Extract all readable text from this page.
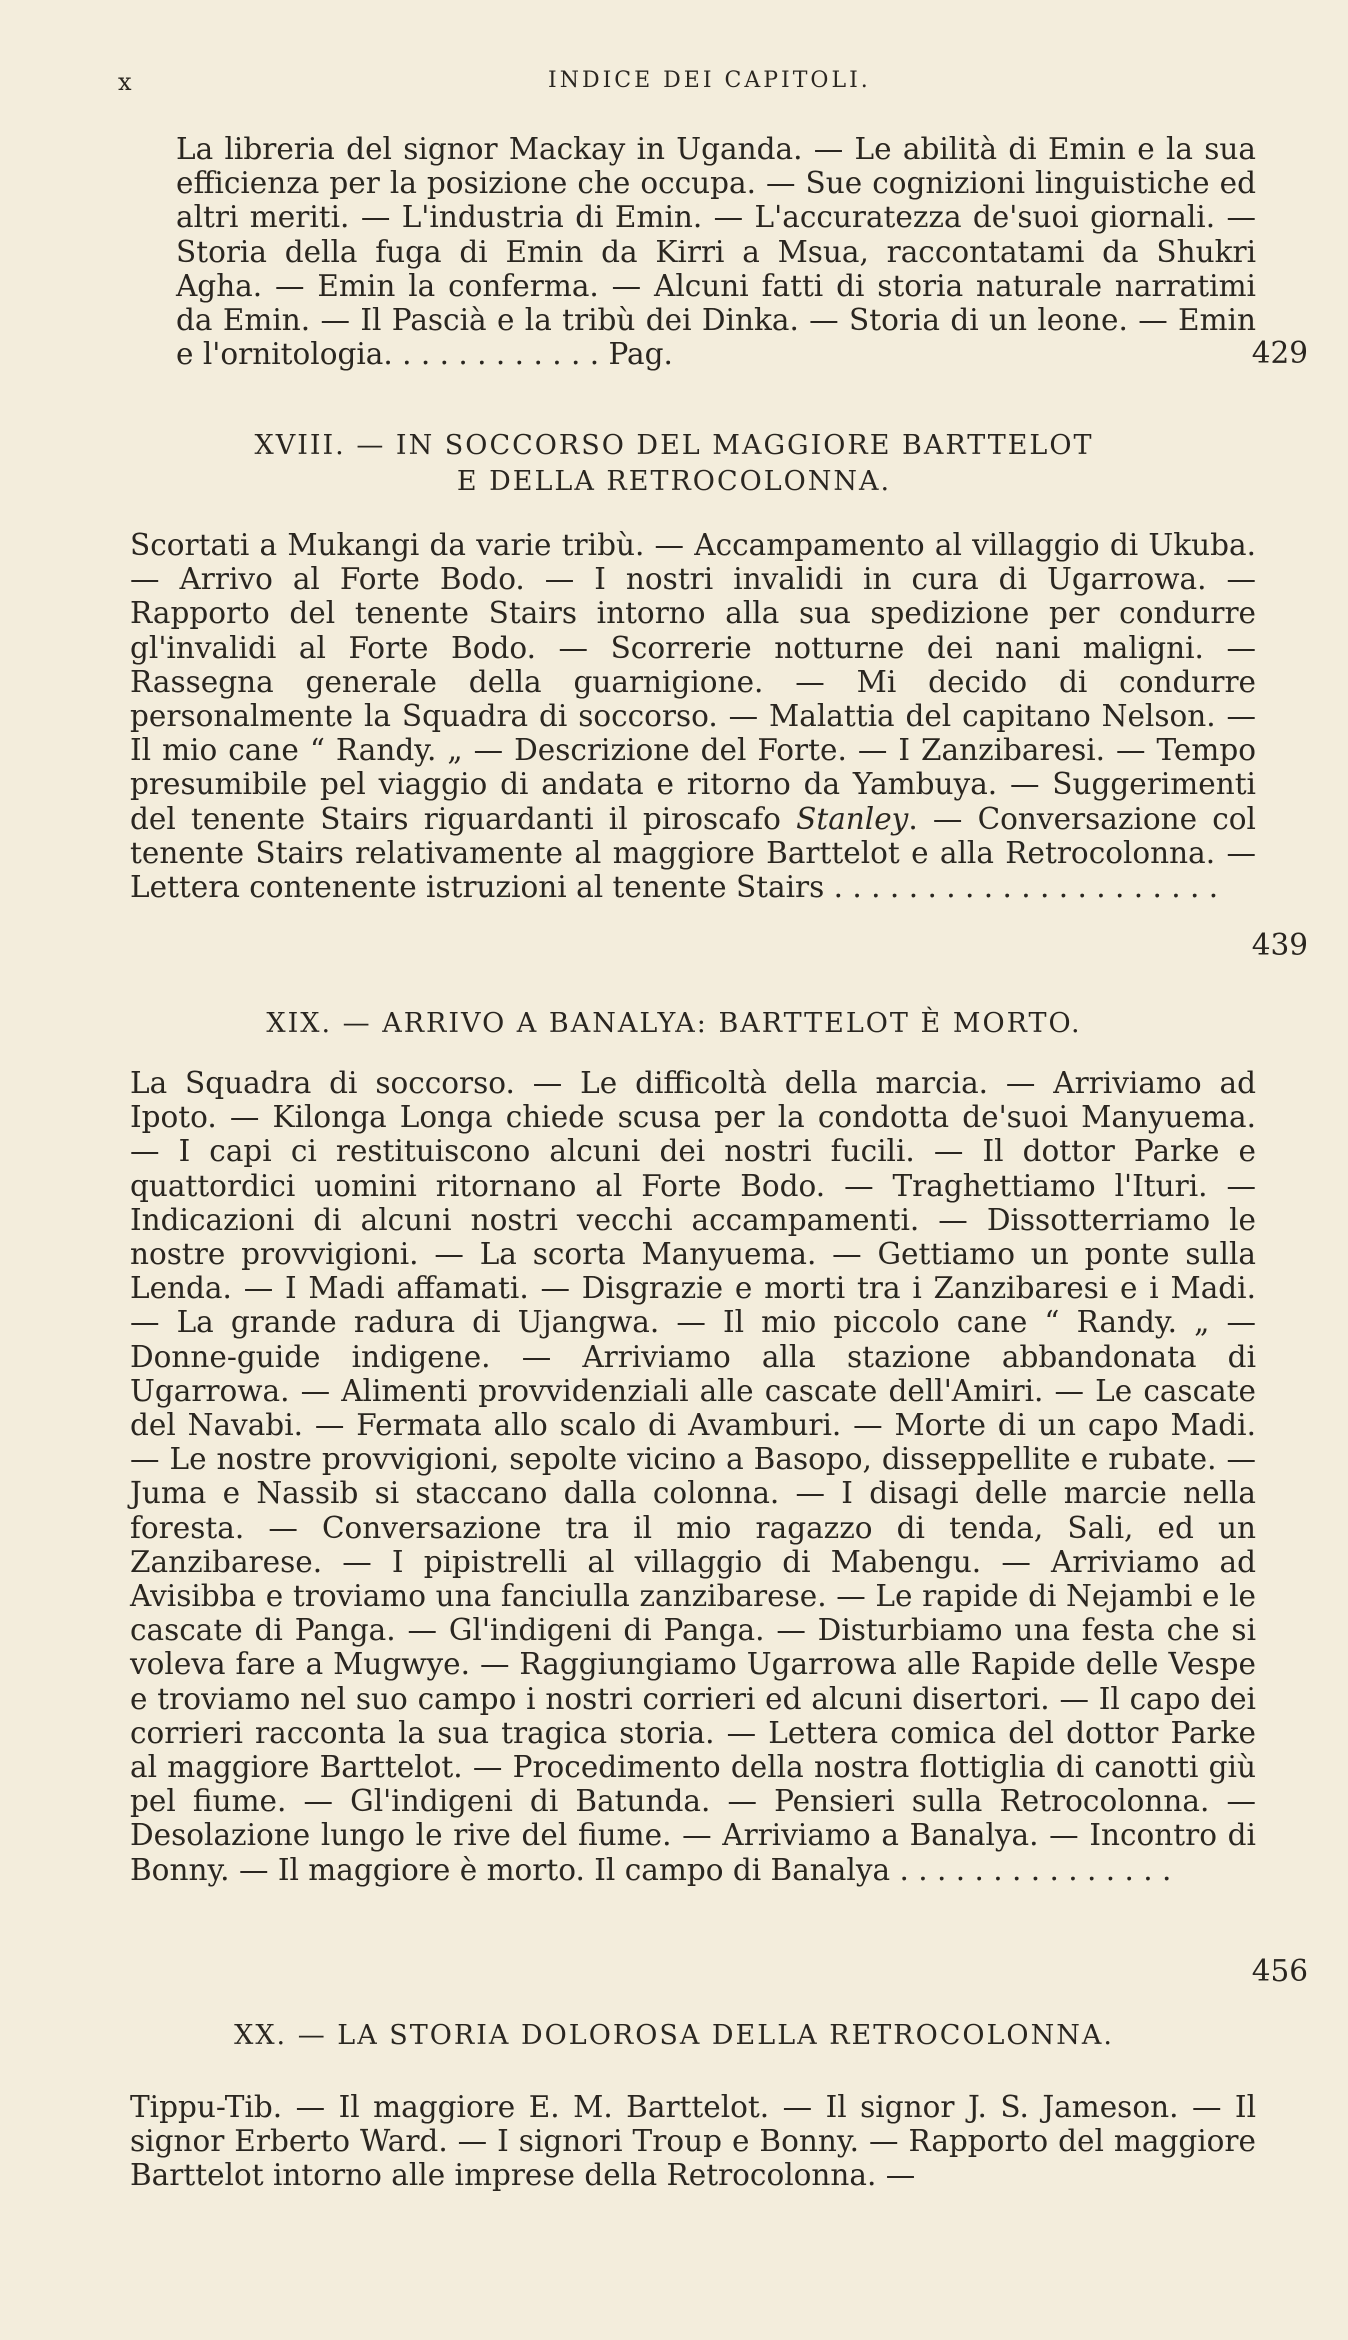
x	INDICE DEI CAPITOLI.

La libreria del signor Mackay in Uganda. — Le abilità di Emin e la sua efficienza per la posizione che occupa. — Sue cognizioni linguistiche ed altri meriti. — L'industria di Emin. — L'accuratezza de'suoi giornali. — Storia della fuga di Emin da Kirri a Msua, raccontatami da Shukri Agha. — Emin la conferma. — Alcuni fatti di storia naturale narratimi da Emin. — Il Pascià e la tribù dei Dinka. — Storia di un leone. — Emin e l'ornitologia. . . . . . . . . . . . Pag.	429

XVIII. — IN SOCCORSO DEL MAGGIORE BARTTELOT

E DELLA RETROCOLONNA.

Scortati a Mukangi da varie tribù. — Accampamento al villaggio di Ukuba. — Arrivo al Forte Bodo. — I nostri invalidi in cura di Ugarrowa. — Rapporto del tenente Stairs intorno alla sua spedizione per condurre gl'invalidi al Forte Bodo. — Scorrerie notturne dei nani maligni. — Rassegna generale della guarnigione. — Mi decido di condurre personalmente la Squadra di soccorso. — Malattia del capitano Nelson. — Il mio cane “ Randy. „ — Descrizione del Forte. — I Zanzibaresi. — Tempo presumibile pel viaggio di andata e ritorno da Yambuya. — Suggerimenti del tenente Stairs riguardanti il piroscafo Stanley. — Conversazione col tenente Stairs relativamente al maggiore Barttelot e alla Retrocolonna. — Lettera contenente istruzioni al tenente Stairs . . . . . . . . . . . . . . . . . . . . .

439

XIX. — ARRIVO A BANALYA: BARTTELOT È MORTO.

La Squadra di soccorso. — Le difficoltà della marcia. — Arriviamo ad Ipoto. — Kilonga Longa chiede scusa per la condotta de'suoi Manyuema. — I capi ci restituiscono alcuni dei nostri fucili. — Il dottor Parke e quattordici uomini ritornano al Forte Bodo. — Traghettiamo l'Ituri. — Indicazioni di alcuni nostri vecchi accampamenti. — Dissotterriamo le nostre provvigioni. — La scorta Manyuema. — Gettiamo un ponte sulla Lenda. — I Madi affamati. — Disgrazie e morti tra i Zanzibaresi e i Madi. — La grande radura di Ujangwa. — Il mio piccolo cane “ Randy. „ — Donne-guide indigene. — Arriviamo alla stazione abbandonata di Ugarrowa. — Alimenti provvidenziali alle cascate dell'Amiri. — Le cascate del Navabi. — Fermata allo scalo di Avamburi. — Morte di un capo Madi. — Le nostre provvigioni, sepolte vicino a Basopo, disseppellite e rubate. — Juma e Nassib si staccano dalla colonna. — I disagi delle marcie nella foresta. — Conversazione tra il mio ragazzo di tenda, Sali, ed un Zanzibarese. — I pipistrelli al villaggio di Mabengu. — Arriviamo ad Avisibba e troviamo una fanciulla zanzibarese. — Le rapide di Nejambi e le cascate di Panga. — Gl'indigeni di Panga. — Disturbiamo una festa che si voleva fare a Mugwye. — Raggiungiamo Ugarrowa alle Rapide delle Vespe e troviamo nel suo campo i nostri corrieri ed alcuni disertori. — Il capo dei corrieri racconta la sua tragica storia. — Lettera comica del dottor Parke al maggiore Barttelot. — Procedimento della nostra flottiglia di canotti giù pel fiume. — Gl'indigeni di Batunda. — Pensieri sulla Retrocolonna. — Desolazione lungo le rive del fiume. — Arriviamo a Banalya. — Incontro di Bonny. — Il maggiore è morto. Il campo di Banalya . . . . . . . . . . . . . . .

456

XX. — LA STORIA DOLOROSA DELLA RETROCOLONNA.

Tippu-Tib. — Il maggiore E. M. Barttelot. — Il signor J. S. Jameson. — Il signor Erberto Ward. — I signori Troup e Bonny. — Rapporto del maggiore Barttelot intorno alle imprese della Retrocolonna. —
